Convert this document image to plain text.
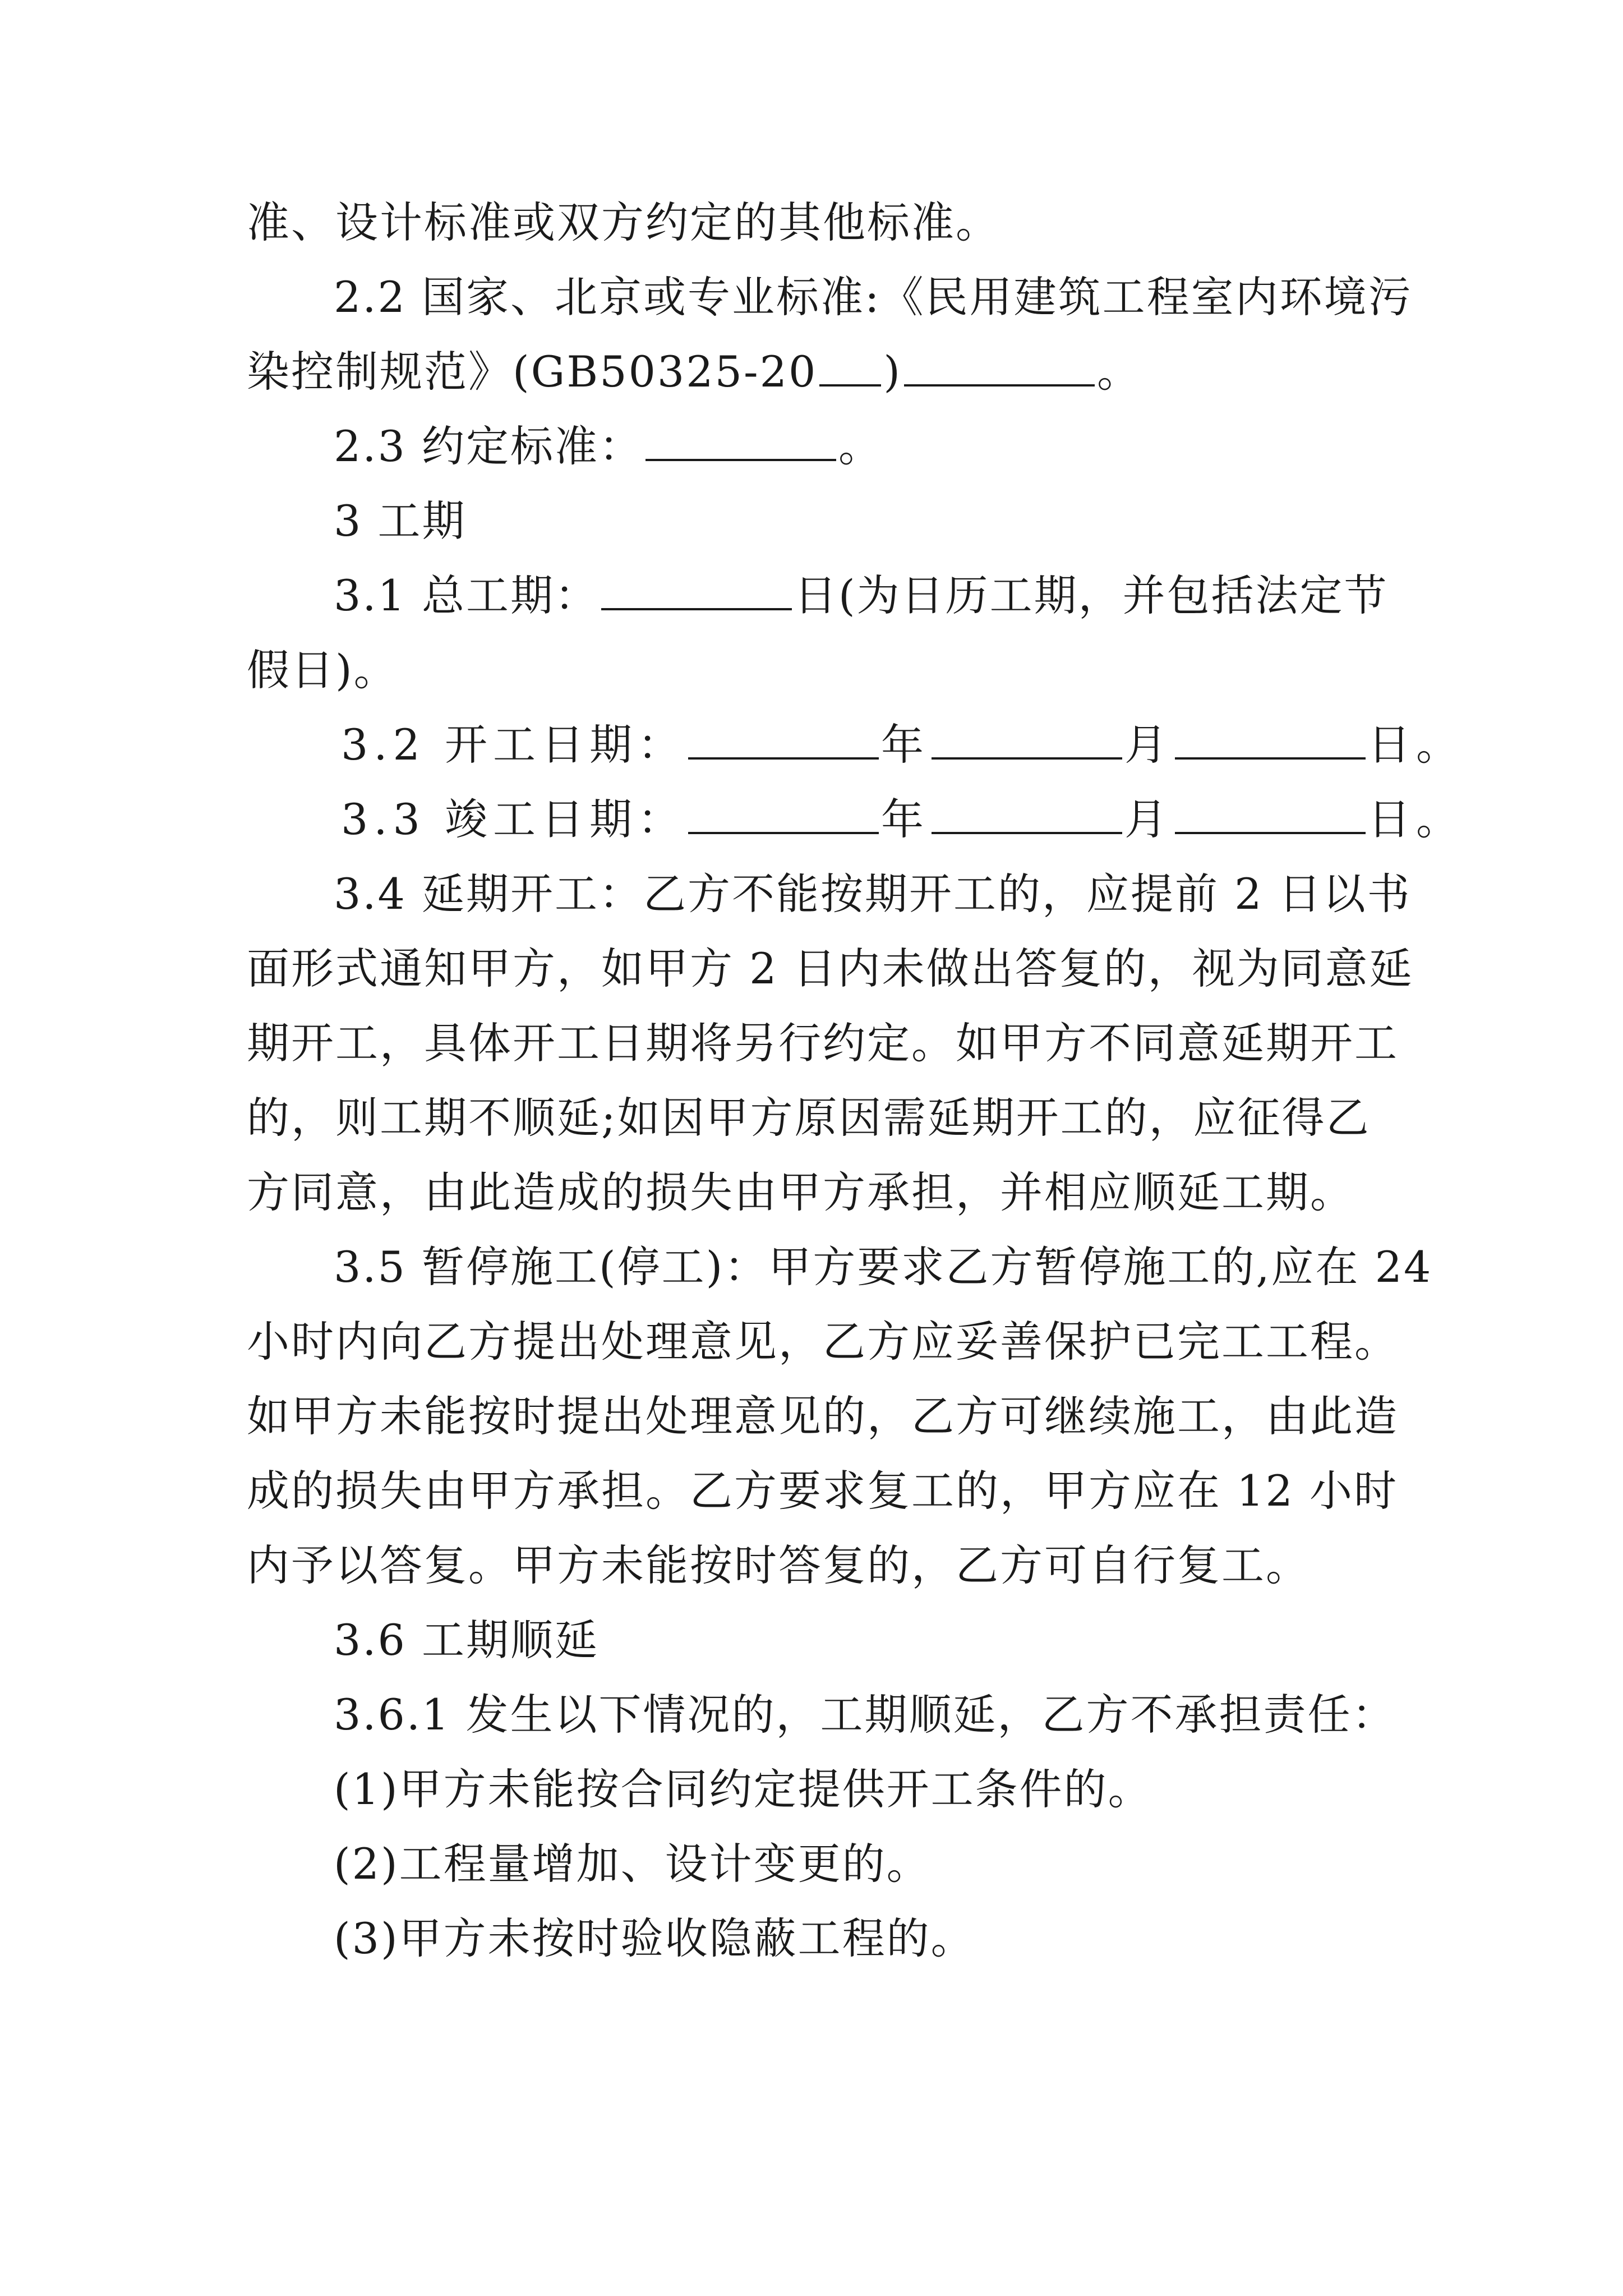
准、设计标准或双方约定的其他标准。
2.2 国家、北京或专业标准:《民用建筑工程室内环境污
染控制规范》(GB50325-20 )	。
2.3 约定标准：	。
3 工期
3.1 总工期：	日(为日历工期，并包括法定节
假日)。
3.2 开工日期：	年	月	日。
3.3 竣工日期：	年	月	日。
3.4 延期开工：乙方不能按期开工的，应提前 2 日以书
面形式通知甲方，如甲方 2 日内未做出答复的，视为同意延
期开工，具体开工日期将另行约定。如甲方不同意延期开工
的，则工期不顺延;如因甲方原因需延期开工的，应征得乙
方同意，由此造成的损失由甲方承担，并相应顺延工期。
3.5 暂停施工(停工)：甲方要求乙方暂停施工的,应在 24
小时内向乙方提出处理意见，乙方应妥善保护已完工工程。
如甲方未能按时提出处理意见的，乙方可继续施工，由此造
成的损失由甲方承担。乙方要求复工的，甲方应在 12 小时
内予以答复。甲方未能按时答复的，乙方可自行复工。
3.6 工期顺延
3.6.1 发生以下情况的，工期顺延，乙方不承担责任：
(1)甲方未能按合同约定提供开工条件的。
(2)工程量增加、设计变更的。
(3)甲方未按时验收隐蔽工程的。
